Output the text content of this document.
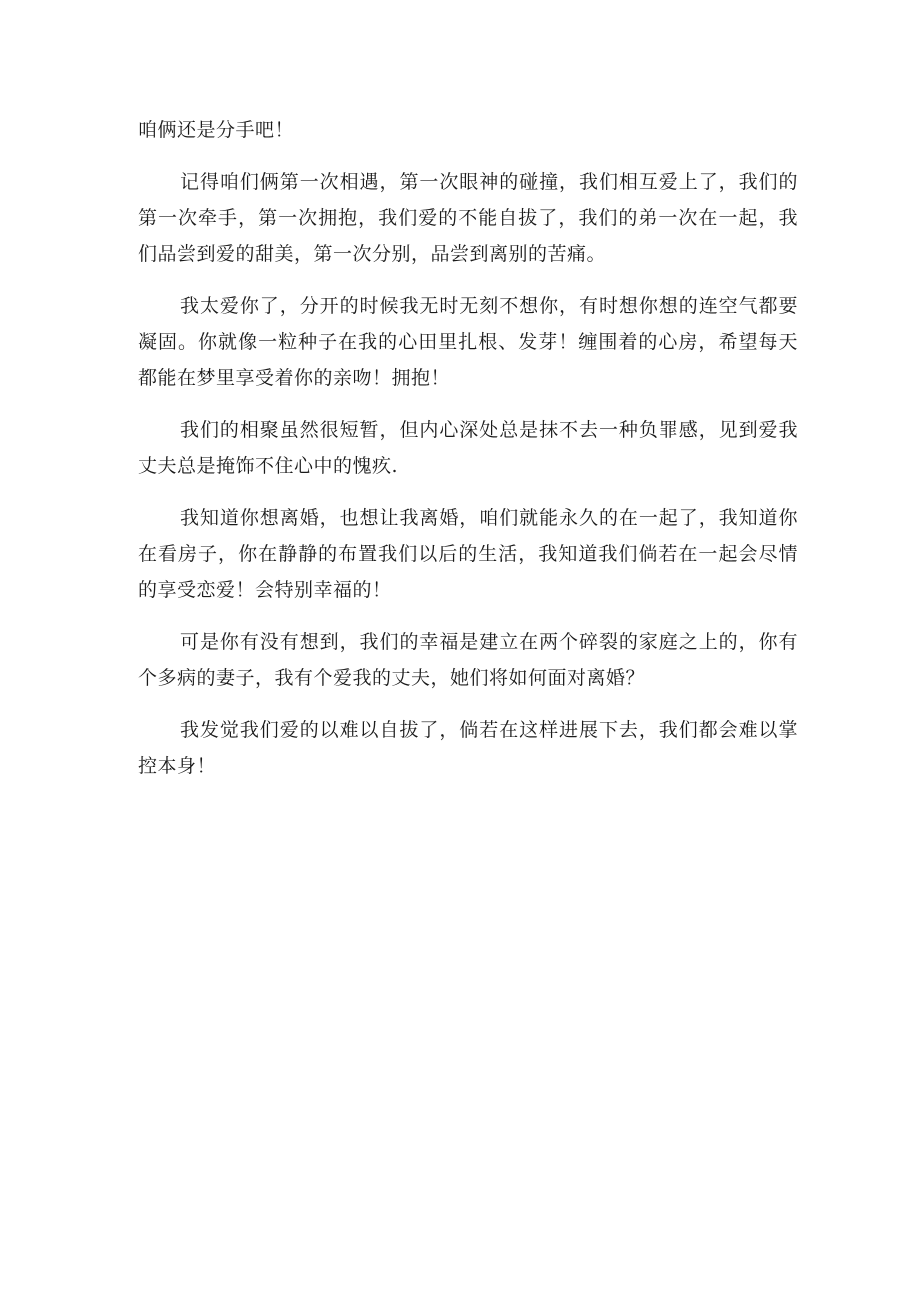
咱俩还是分手吧！

记得咱们俩第一次相遇，第一次眼神的碰撞，我们相互爱上了，我们的第一次牵手，第一次拥抱，我们爱的不能自拔了，我们的弟一次在一起，我们品尝到爱的甜美，第一次分别，品尝到离别的苦痛。

我太爱你了，分开的时候我无时无刻不想你，有时想你想的连空气都要凝固。你就像一粒种子在我的心田里扎根、发芽！缠围着的心房，希望每天都能在梦里享受着你的亲吻！拥抱！

我们的相聚虽然很短暂，但内心深处总是抹不去一种负罪感，见到爱我丈夫总是掩饰不住心中的愧疚.

我知道你想离婚，也想让我离婚，咱们就能永久的在一起了，我知道你在看房子，你在静静的布置我们以后的生活，我知道我们倘若在一起会尽情的享受恋爱！会特别幸福的！

可是你有没有想到，我们的幸福是建立在两个碎裂的家庭之上的，你有个多病的妻子，我有个爱我的丈夫，她们将如何面对离婚？

我发觉我们爱的以难以自拔了，倘若在这样进展下去，我们都会难以掌控本身！
